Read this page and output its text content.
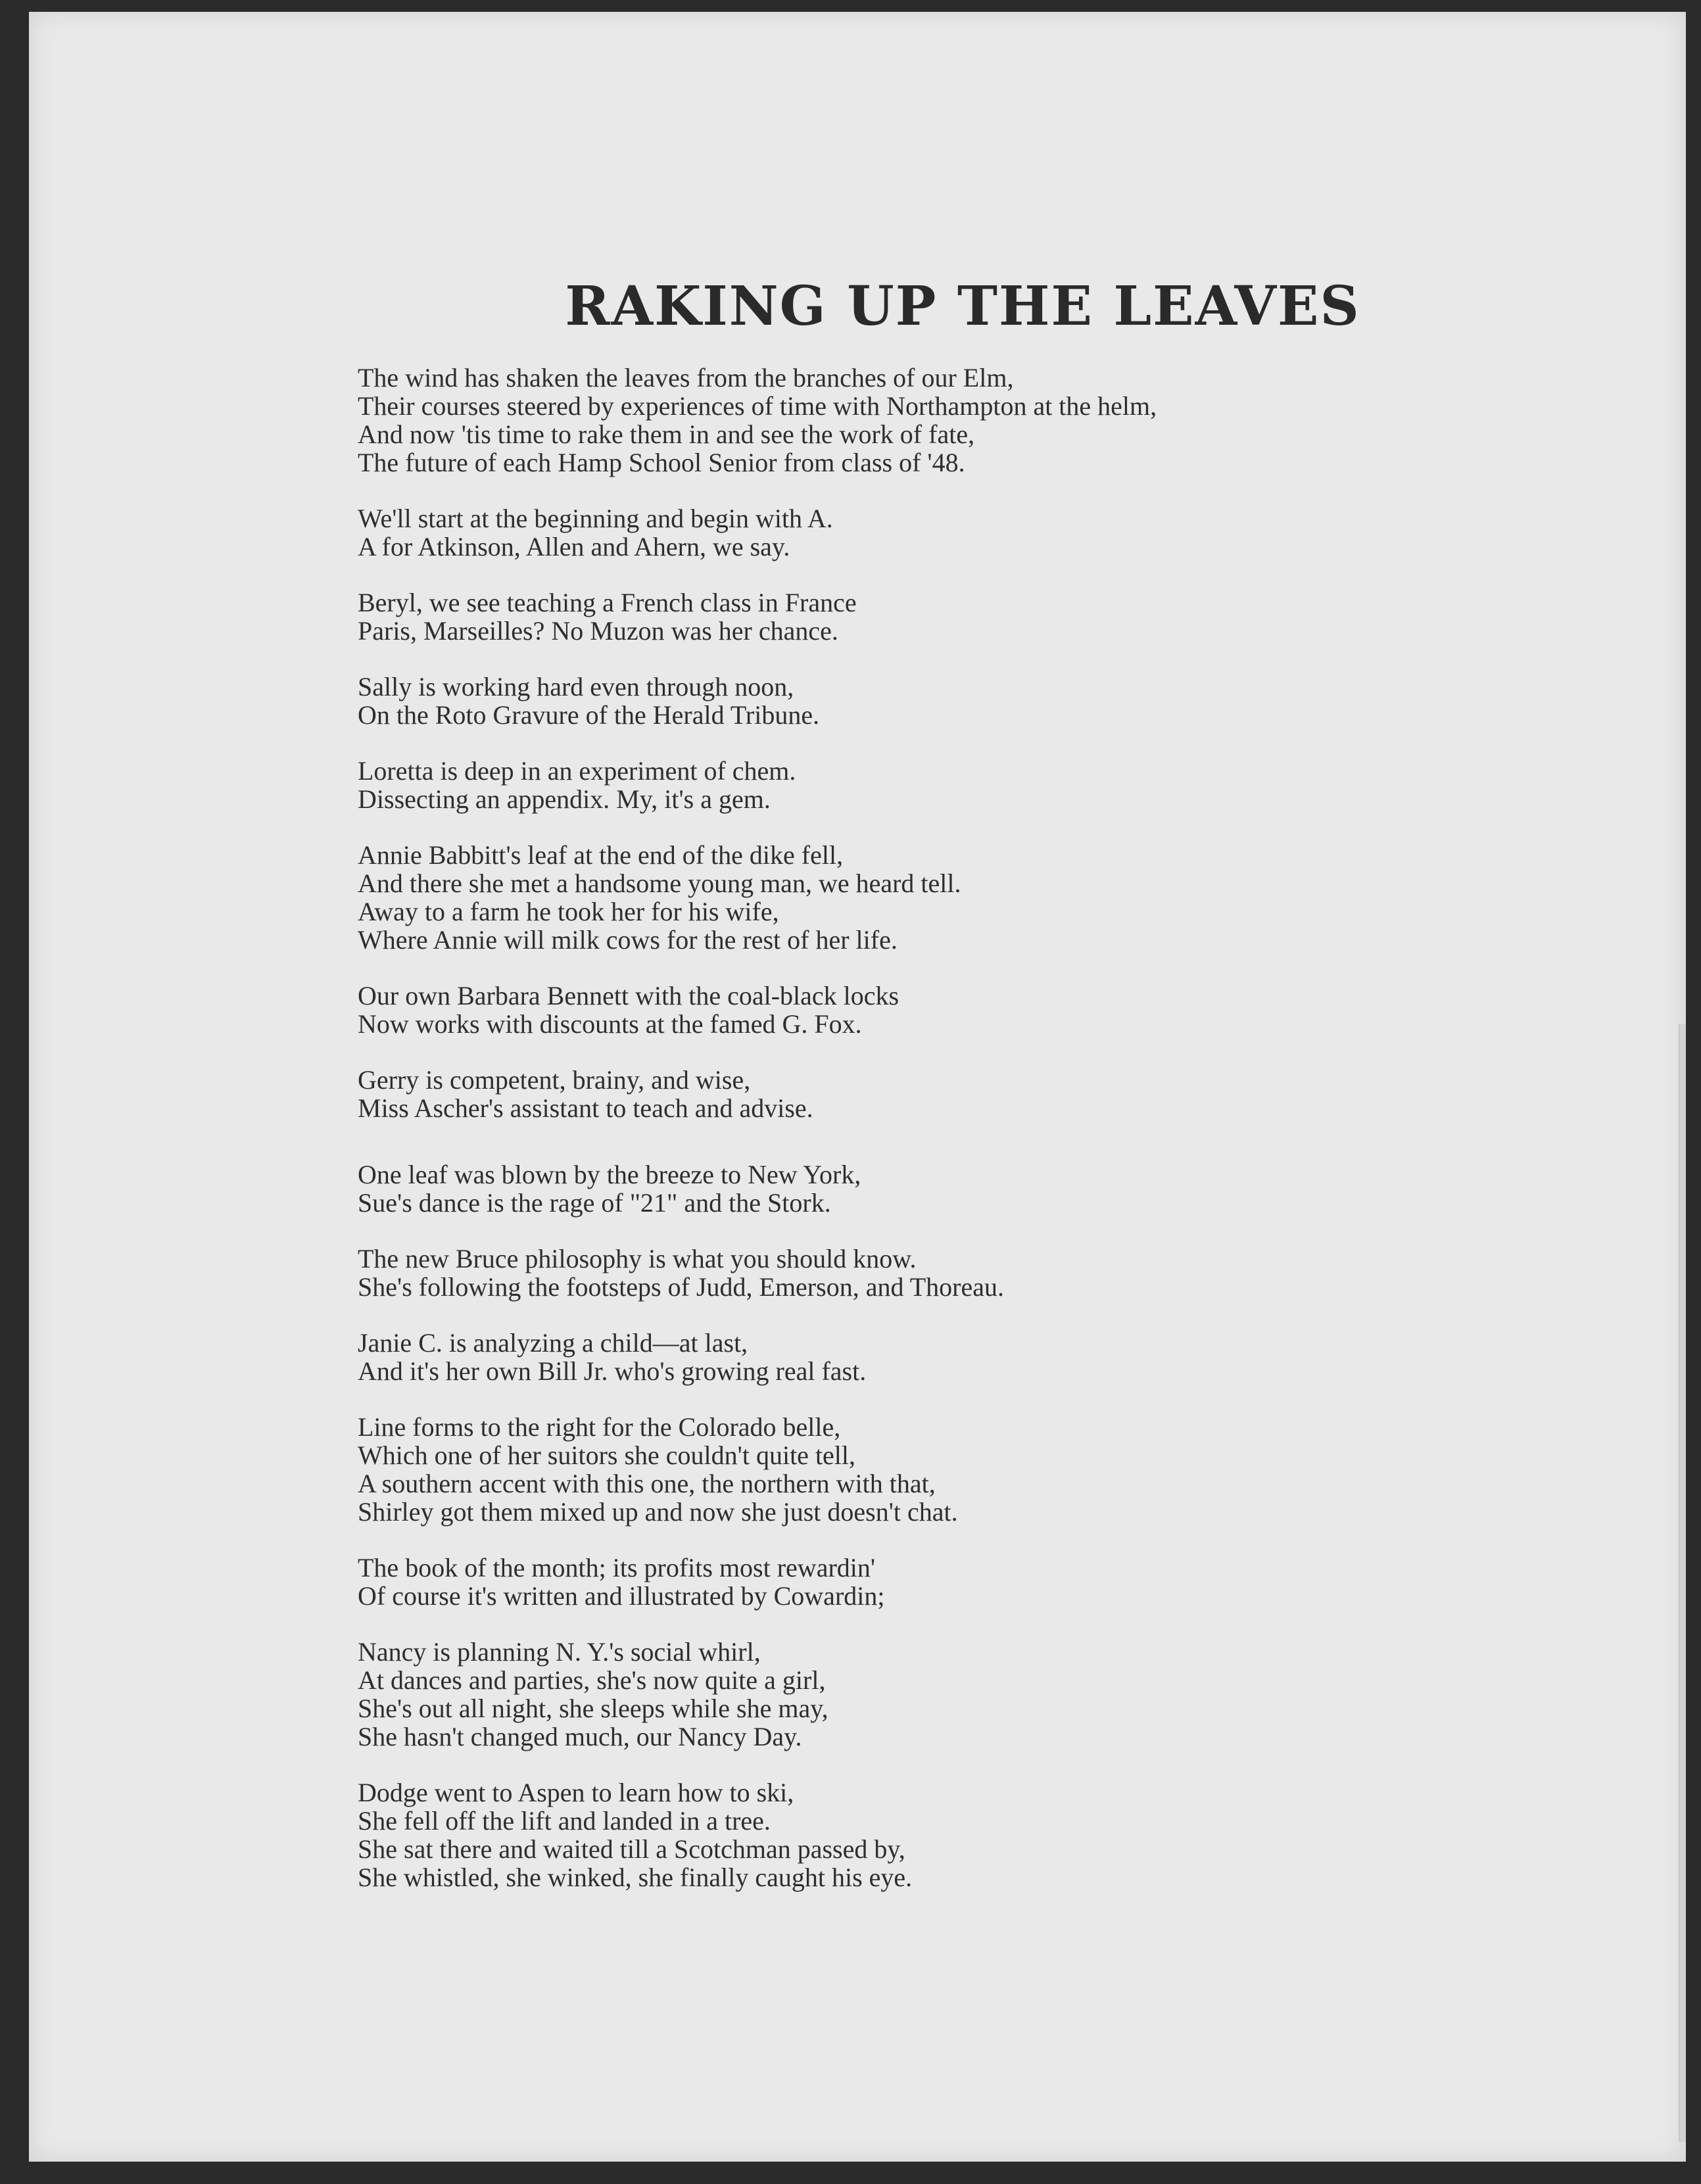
RAKING UP THE LEAVES
The wind has shaken the leaves from the branches of our Elm,
Their courses steered by experiences of time with Northampton at the helm,
And now 'tis time to rake them in and see the work of fate,
The future of each Hamp School Senior from class of '48.
We'll start at the beginning and begin with A.
A for Atkinson, Allen and Ahern, we say.
Beryl, we see teaching a French class in France
Paris, Marseilles? No Muzon was her chance.
Sally is working hard even through noon,
On the Roto Gravure of the Herald Tribune.
Loretta is deep in an experiment of chem.
Dissecting an appendix. My, it's a gem.
Annie Babbitt's leaf at the end of the dike fell,
And there she met a handsome young man, we heard tell.
Away to a farm he took her for his wife,
Where Annie will milk cows for the rest of her life.
Our own Barbara Bennett with the coal-black locks
Now works with discounts at the famed G. Fox.
Gerry is competent, brainy, and wise,
Miss Ascher's assistant to teach and advise.
One leaf was blown by the breeze to New York,
Sue's dance is the rage of "21" and the Stork.
The new Bruce philosophy is what you should know.
She's following the footsteps of Judd, Emerson, and Thoreau.
Janie C. is analyzing a child—at last,
And it's her own Bill Jr. who's growing real fast.
Line forms to the right for the Colorado belle,
Which one of her suitors she couldn't quite tell,
A southern accent with this one, the northern with that,
Shirley got them mixed up and now she just doesn't chat.
The book of the month; its profits most rewardin'
Of course it's written and illustrated by Cowardin;
Nancy is planning N. Y.'s social whirl,
At dances and parties, she's now quite a girl,
She's out all night, she sleeps while she may,
She hasn't changed much, our Nancy Day.
Dodge went to Aspen to learn how to ski,
She fell off the lift and landed in a tree.
She sat there and waited till a Scotchman passed by,
She whistled, she winked, she finally caught his eye.
